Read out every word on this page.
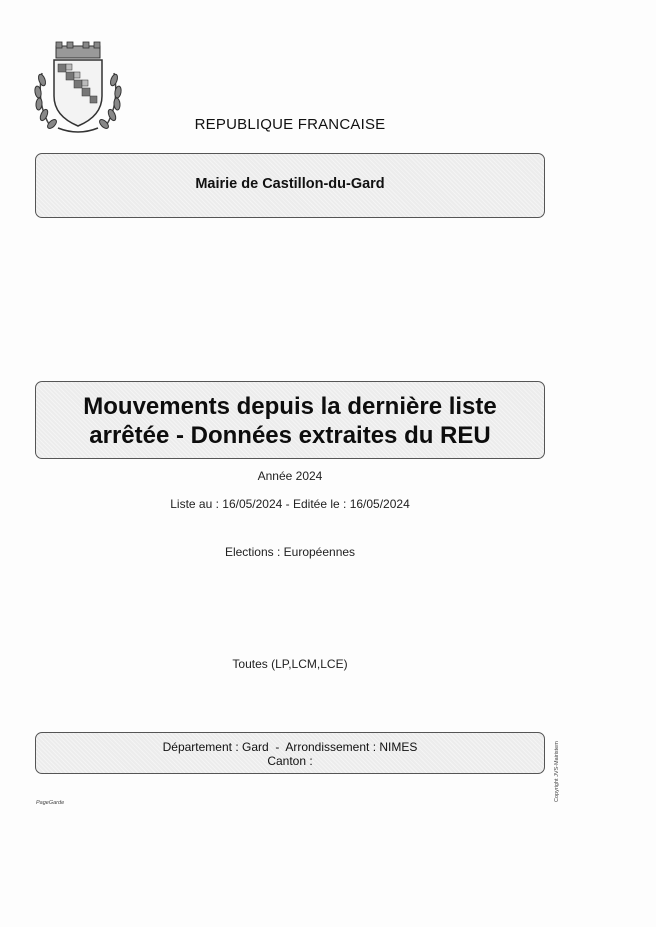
REPUBLIQUE FRANCAISE
Mairie de Castillon-du-Gard
Mouvements depuis la dernière liste
arrêtée - Données extraites du REU
Année 2024
Liste au : 16/05/2024 - Editée le : 16/05/2024
Elections : Européennes
Toutes (LP,LCM,LCE)
Département : Gard  -  Arrondissement : NIMES
Canton :	Copyright JVS-Mairistem
PageGarde
